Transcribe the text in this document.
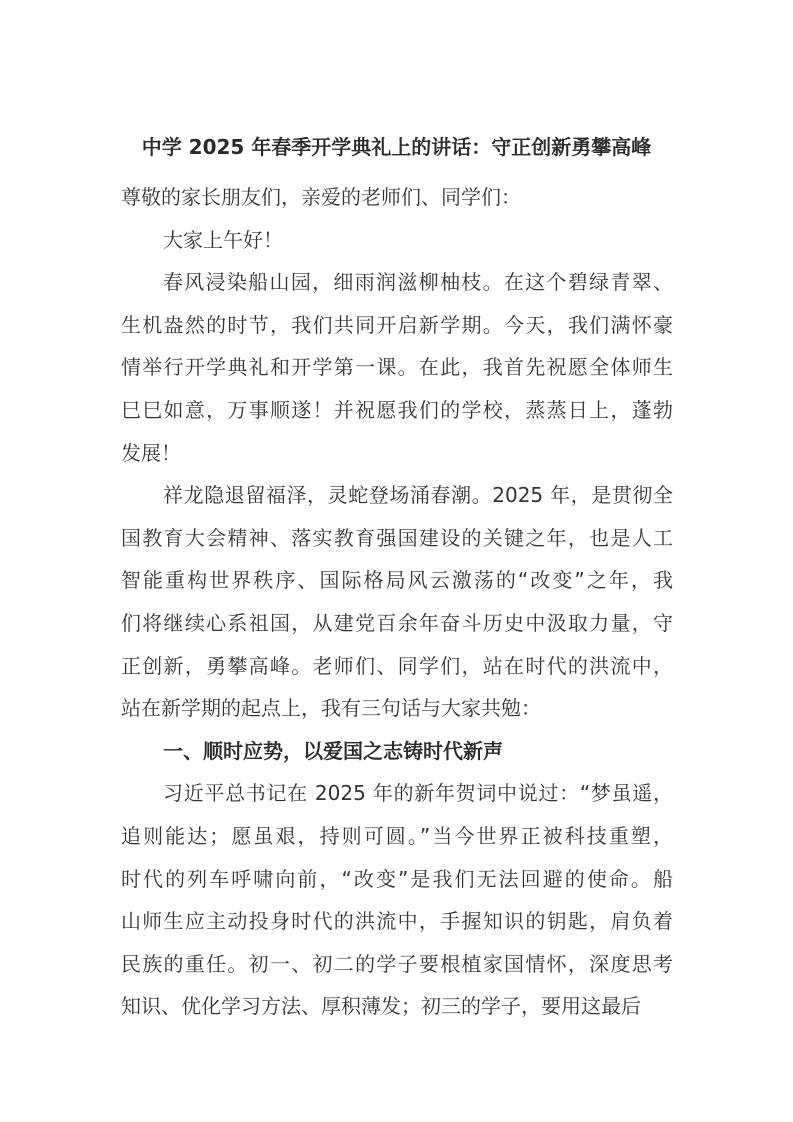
中学 2025 年春季开学典礼上的讲话：守正创新勇攀高峰
尊敬的家长朋友们，亲爱的老师们、同学们：
大家上午好！
春风浸染船山园，细雨润滋柳柚枝。在这个碧绿青翠、
生机盎然的时节，我们共同开启新学期。今天，我们满怀豪
情举行开学典礼和开学第一课。在此，我首先祝愿全体师生
巳巳如意，万事顺遂！并祝愿我们的学校，蒸蒸日上，蓬勃
发展！
祥龙隐退留福泽，灵蛇登场涌春潮。2025 年，是贯彻全
国教育大会精神、落实教育强国建设的关键之年，也是人工
智能重构世界秩序、国际格局风云激荡的“改变”之年，我
们将继续心系祖国，从建党百余年奋斗历史中汲取力量，守
正创新，勇攀高峰。老师们、同学们，站在时代的洪流中，
站在新学期的起点上，我有三句话与大家共勉：
一、顺时应势，以爱国之志铸时代新声
习近平总书记在 2025 年的新年贺词中说过：“梦虽遥，
追则能达；愿虽艰，持则可圆。”当今世界正被科技重塑，
时代的列车呼啸向前，“改变”是我们无法回避的使命。船
山师生应主动投身时代的洪流中，手握知识的钥匙，肩负着
民族的重任。初一、初二的学子要根植家国情怀，深度思考
知识、优化学习方法、厚积薄发；初三的学子，要用这最后
